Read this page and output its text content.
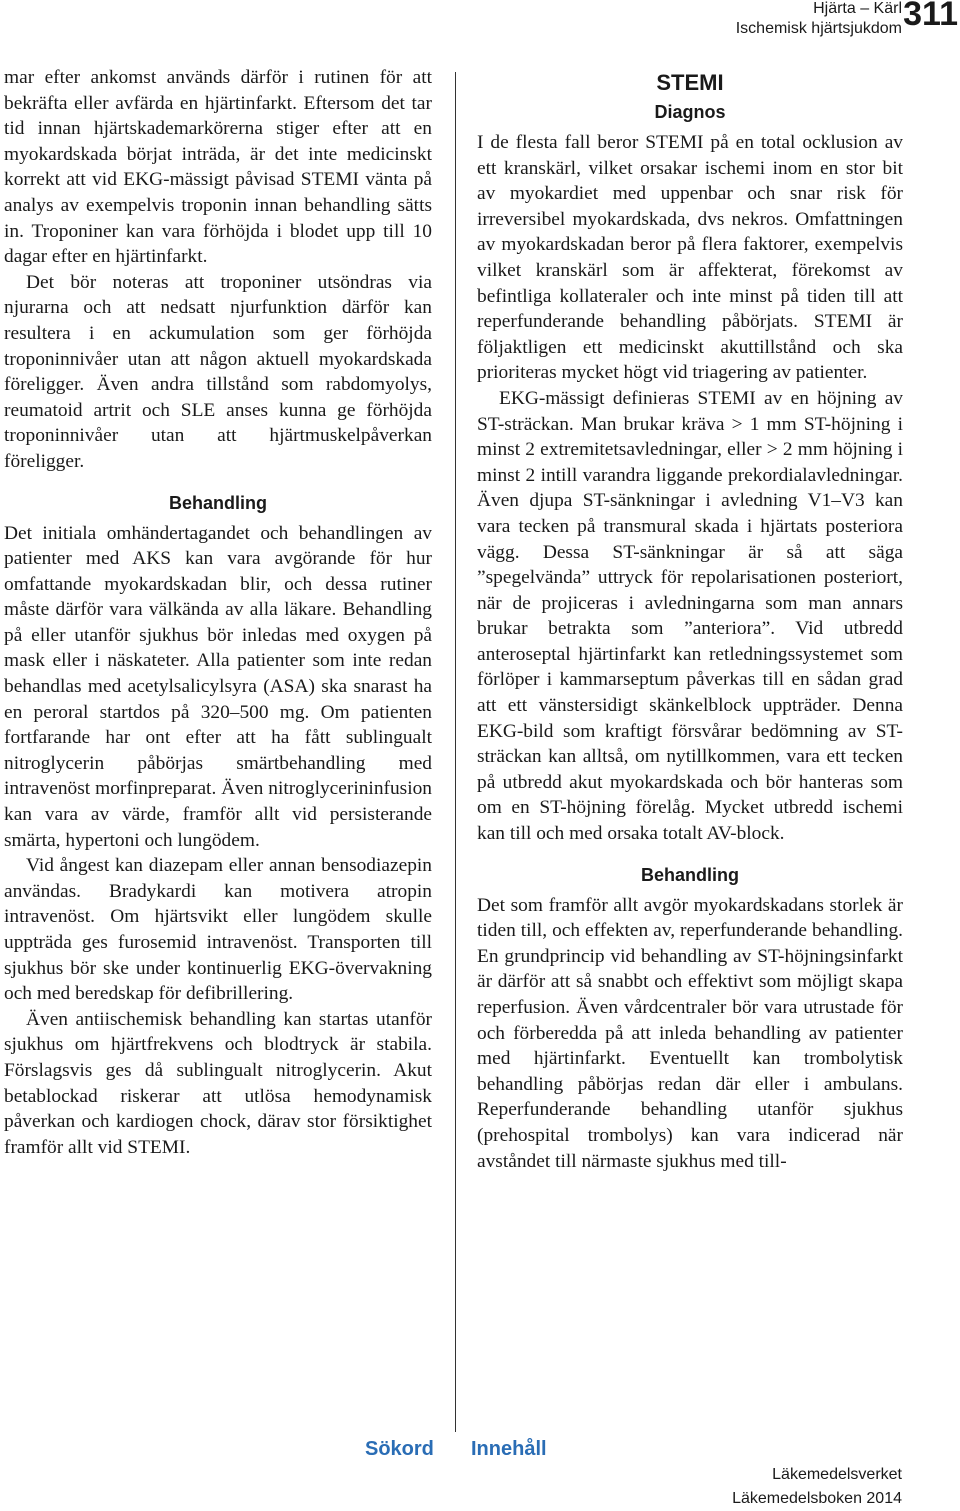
Hjärta – Kärl
Ischemisk hjärtsjukdom 311

mar efter ankomst används därför i rutinen för att bekräfta eller avfärda en hjärtinfarkt. Eftersom det tar tid innan hjärtskademarkörerna stiger efter att en myokardskada börjat inträda, är det inte medicinskt korrekt att vid EKG-mässigt påvisad STEMI vänta på analys av exempelvis troponin innan behandling sätts in. Troponiner kan vara förhöjda i blodet upp till 10 dagar efter en hjärtinfarkt.

Det bör noteras att troponiner utsöndras via njurarna och att nedsatt njurfunktion därför kan resultera i en ackumulation som ger förhöjda troponinnivåer utan att någon aktuell myokardskada föreligger. Även andra tillstånd som rabdomyolys, reumatoid artrit och SLE anses kunna ge förhöjda troponinnivåer utan att hjärtmuskelpåverkan föreligger.

Behandling

Det initiala omhändertagandet och behandlingen av patienter med AKS kan vara avgörande för hur omfattande myokardskadan blir, och dessa rutiner måste därför vara välkända av alla läkare. Behandling på eller utanför sjukhus bör inledas med oxygen på mask eller i näskateter. Alla patienter som inte redan behandlas med acetylsalicylsyra (ASA) ska snarast ha en peroral startdos på 320–500 mg. Om patienten fortfarande har ont efter att ha fått sublingualt nitroglycerin påbörjas smärtbehandling med intravenöst morfinpreparat. Även nitroglycerininfusion kan vara av värde, framför allt vid persisterande smärta, hypertoni och lungödem.

Vid ångest kan diazepam eller annan bensodiazepin användas. Bradykardi kan motivera atropin intravenöst. Om hjärtsvikt eller lungödem skulle uppträda ges furosemid intravenöst. Transporten till sjukhus bör ske under kontinuerlig EKG-övervakning och med beredskap för defibrillering.

Även antiischemisk behandling kan startas utanför sjukhus om hjärtfrekvens och blodtryck är stabila. Förslagsvis ges då sublingualt nitroglycerin. Akut betablockad riskerar att utlösa hemodynamisk påverkan och kardiogen chock, därav stor försiktighet framför allt vid STEMI.

STEMI
Diagnos

I de flesta fall beror STEMI på en total ocklusion av ett kranskärl, vilket orsakar ischemi inom en stor bit av myokardiet med uppenbar och snar risk för irreversibel myokardskada, dvs nekros. Omfattningen av myokardskadan beror på flera faktorer, exempelvis vilket kranskärl som är affekterat, förekomst av befintliga kollateraler och inte minst på tiden till att reperfunderande behandling påbörjats. STEMI är följaktligen ett medicinskt akuttillstånd och ska prioriteras mycket högt vid triagering av patienter.

EKG-mässigt definieras STEMI av en höjning av ST-sträckan. Man brukar kräva > 1 mm ST-höjning i minst 2 extremitetsavledningar, eller > 2 mm höjning i minst 2 intill varandra liggande prekordialavledningar. Även djupa ST-sänkningar i avledning V1–V3 kan vara tecken på transmural skada i hjärtats posteriora vägg. Dessa ST-sänkningar är så att säga ”spegelvända” uttryck för repolarisationen posteriort, när de projiceras i avledningarna som man annars brukar betrakta som ”anteriora”. Vid utbredd anteroseptal hjärtinfarkt kan retledningssystemet som förlöper i kammarseptum påverkas till en sådan grad att ett vänstersidigt skänkelblock uppträder. Denna EKG-bild som kraftigt försvårar bedömning av ST-sträckan kan alltså, om nytillkommen, vara ett tecken på utbredd akut myokardskada och bör hanteras som om en ST-höjning förelåg. Mycket utbredd ischemi kan till och med orsaka totalt AV-block.

Behandling

Det som framför allt avgör myokardskadans storlek är tiden till, och effekten av, reperfunderande behandling. En grundprincip vid behandling av ST-höjningsinfarkt är därför att så snabbt och effektivt som möjligt skapa reperfusion. Även vårdcentraler bör vara utrustade för och förberedda på att inleda behandling av patienter med hjärtinfarkt. Eventuellt kan trombolytisk behandling påbörjas redan där eller i ambulans. Reperfunderande behandling utanför sjukhus (prehospital trombolys) kan vara indicerad när avståndet till närmaste sjukhus med till-

Sökord Innehåll
Läkemedelsverket
Läkemedelsboken 2014
